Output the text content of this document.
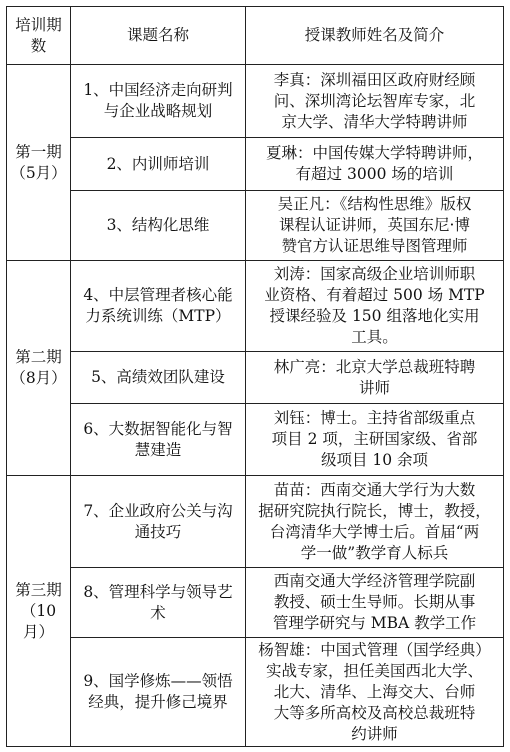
培训期
数	课题名称	授课教师姓名及简介

第一期
（5月）	1、中国经济走向研判
与企业战略规划	李真：深圳福田区政府财经顾
问、深圳湾论坛智库专家，北
京大学、清华大学特聘讲师

	2、内训师培训	夏琳：中国传媒大学特聘讲师，
有超过 3000 场的培训

	3、结构化思维	吴正凡：《结构性思维》版权
课程认证讲师，英国东尼·博
赞官方认证思维导图管理师

第二期
（8月）	4、中层管理者核心能
力系统训练（MTP）	刘涛：国家高级企业培训师职
业资格、有着超过 500 场 MTP
授课经验及 150 组落地化实用
工具。

	5、高绩效团队建设	林广亮：北京大学总裁班特聘
讲师

	6、大数据智能化与智
慧建造	刘钰：博士。主持省部级重点
项目 2 项，主研国家级、省部
级项目 10 余项

第三期
（10月）	7、企业政府公关与沟
通技巧	苗苗：西南交通大学行为大数
据研究院执行院长，博士，教授，
台湾清华大学博士后。首届“两
学一做”教学育人标兵

	8、管理科学与领导艺
术	西南交通大学经济管理学院副
教授、硕士生导师。长期从事
管理学研究与 MBA 教学工作

	9、国学修炼——领悟
经典，提升修己境界	杨智雄：中国式管理（国学经典）
实战专家，担任美国西北大学、
北大、清华、上海交大、台师
大等多所高校及高校总裁班特
约讲师
